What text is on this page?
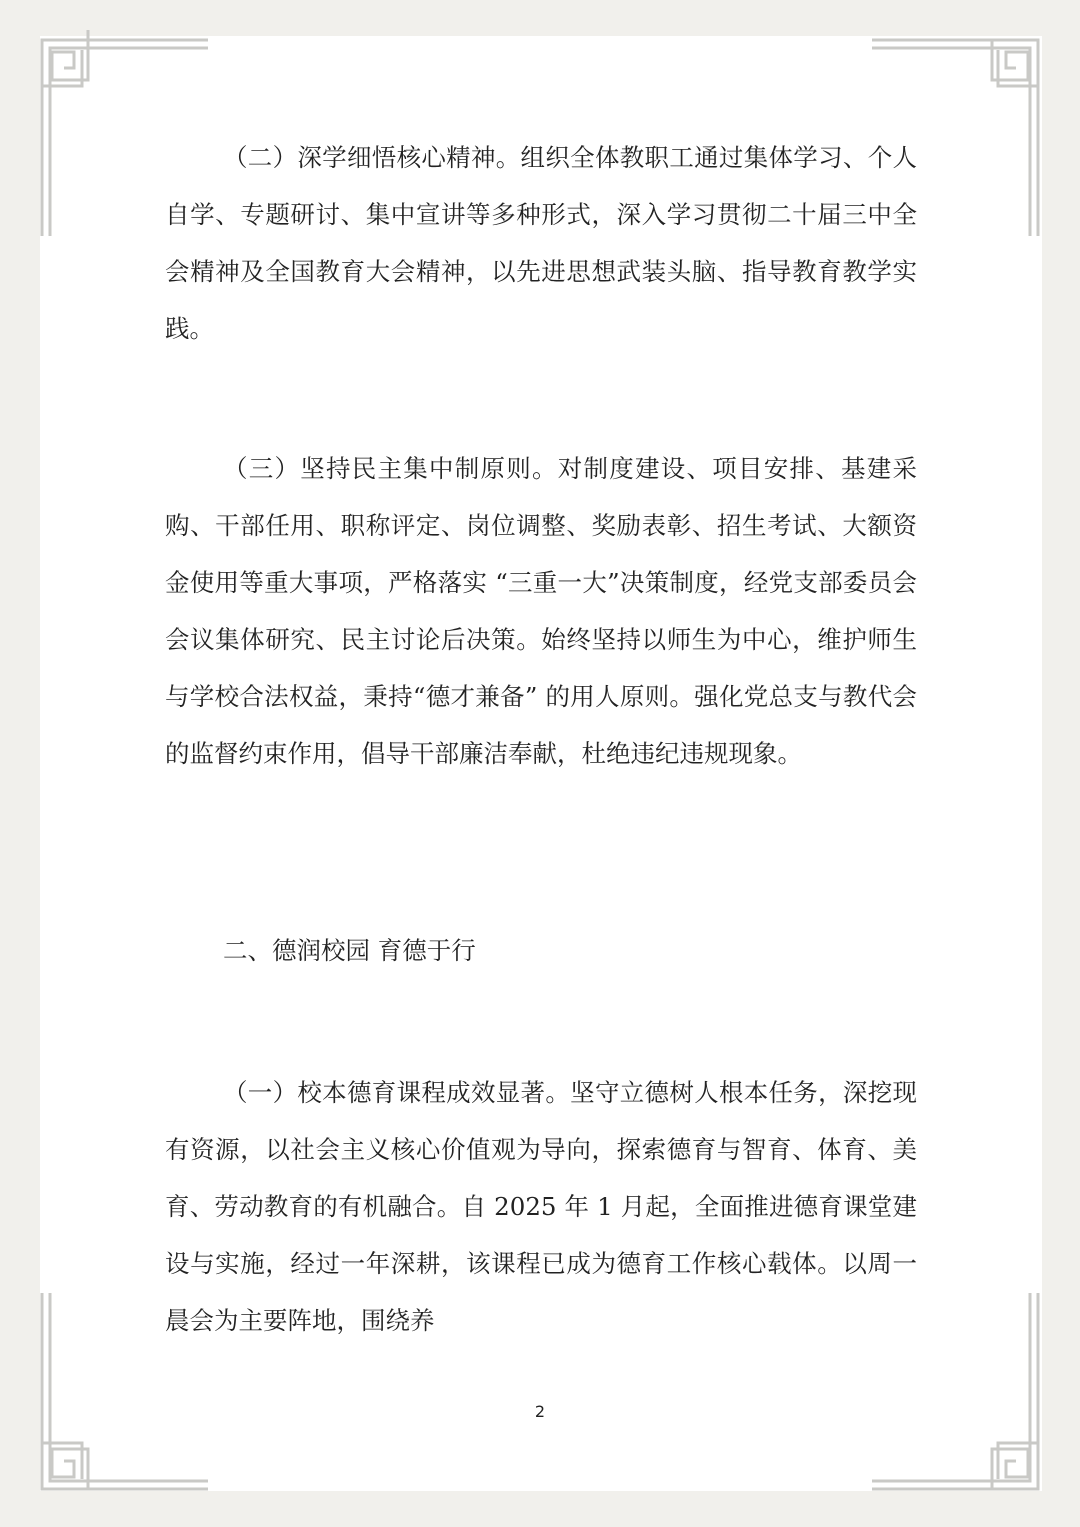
（二）深学细悟核心精神。组织全体教职工通过集体学习、个人自学、专题研讨、集中宣讲等多种形式，深入学习贯彻二十届三中全会精神及全国教育大会精神，以先进思想武装头脑、指导教育教学实践。

（三）坚持民主集中制原则。对制度建设、项目安排、基建采购、干部任用、职称评定、岗位调整、奖励表彰、招生考试、大额资金使用等重大事项，严格落实 “三重一大”决策制度，经党支部委员会会议集体研究、民主讨论后决策。始终坚持以师生为中心，维护师生与学校合法权益，秉持“德才兼备” 的用人原则。强化党总支与教代会的监督约束作用，倡导干部廉洁奉献，杜绝违纪违规现象。

二、德润校园 育德于行

（一）校本德育课程成效显著。坚守立德树人根本任务，深挖现有资源，以社会主义核心价值观为导向，探索德育与智育、体育、美育、劳动教育的有机融合。自 2025 年 1 月起，全面推进德育课堂建设与实施，经过一年深耕，该课程已成为德育工作核心载体。以周一晨会为主要阵地，围绕养

2
